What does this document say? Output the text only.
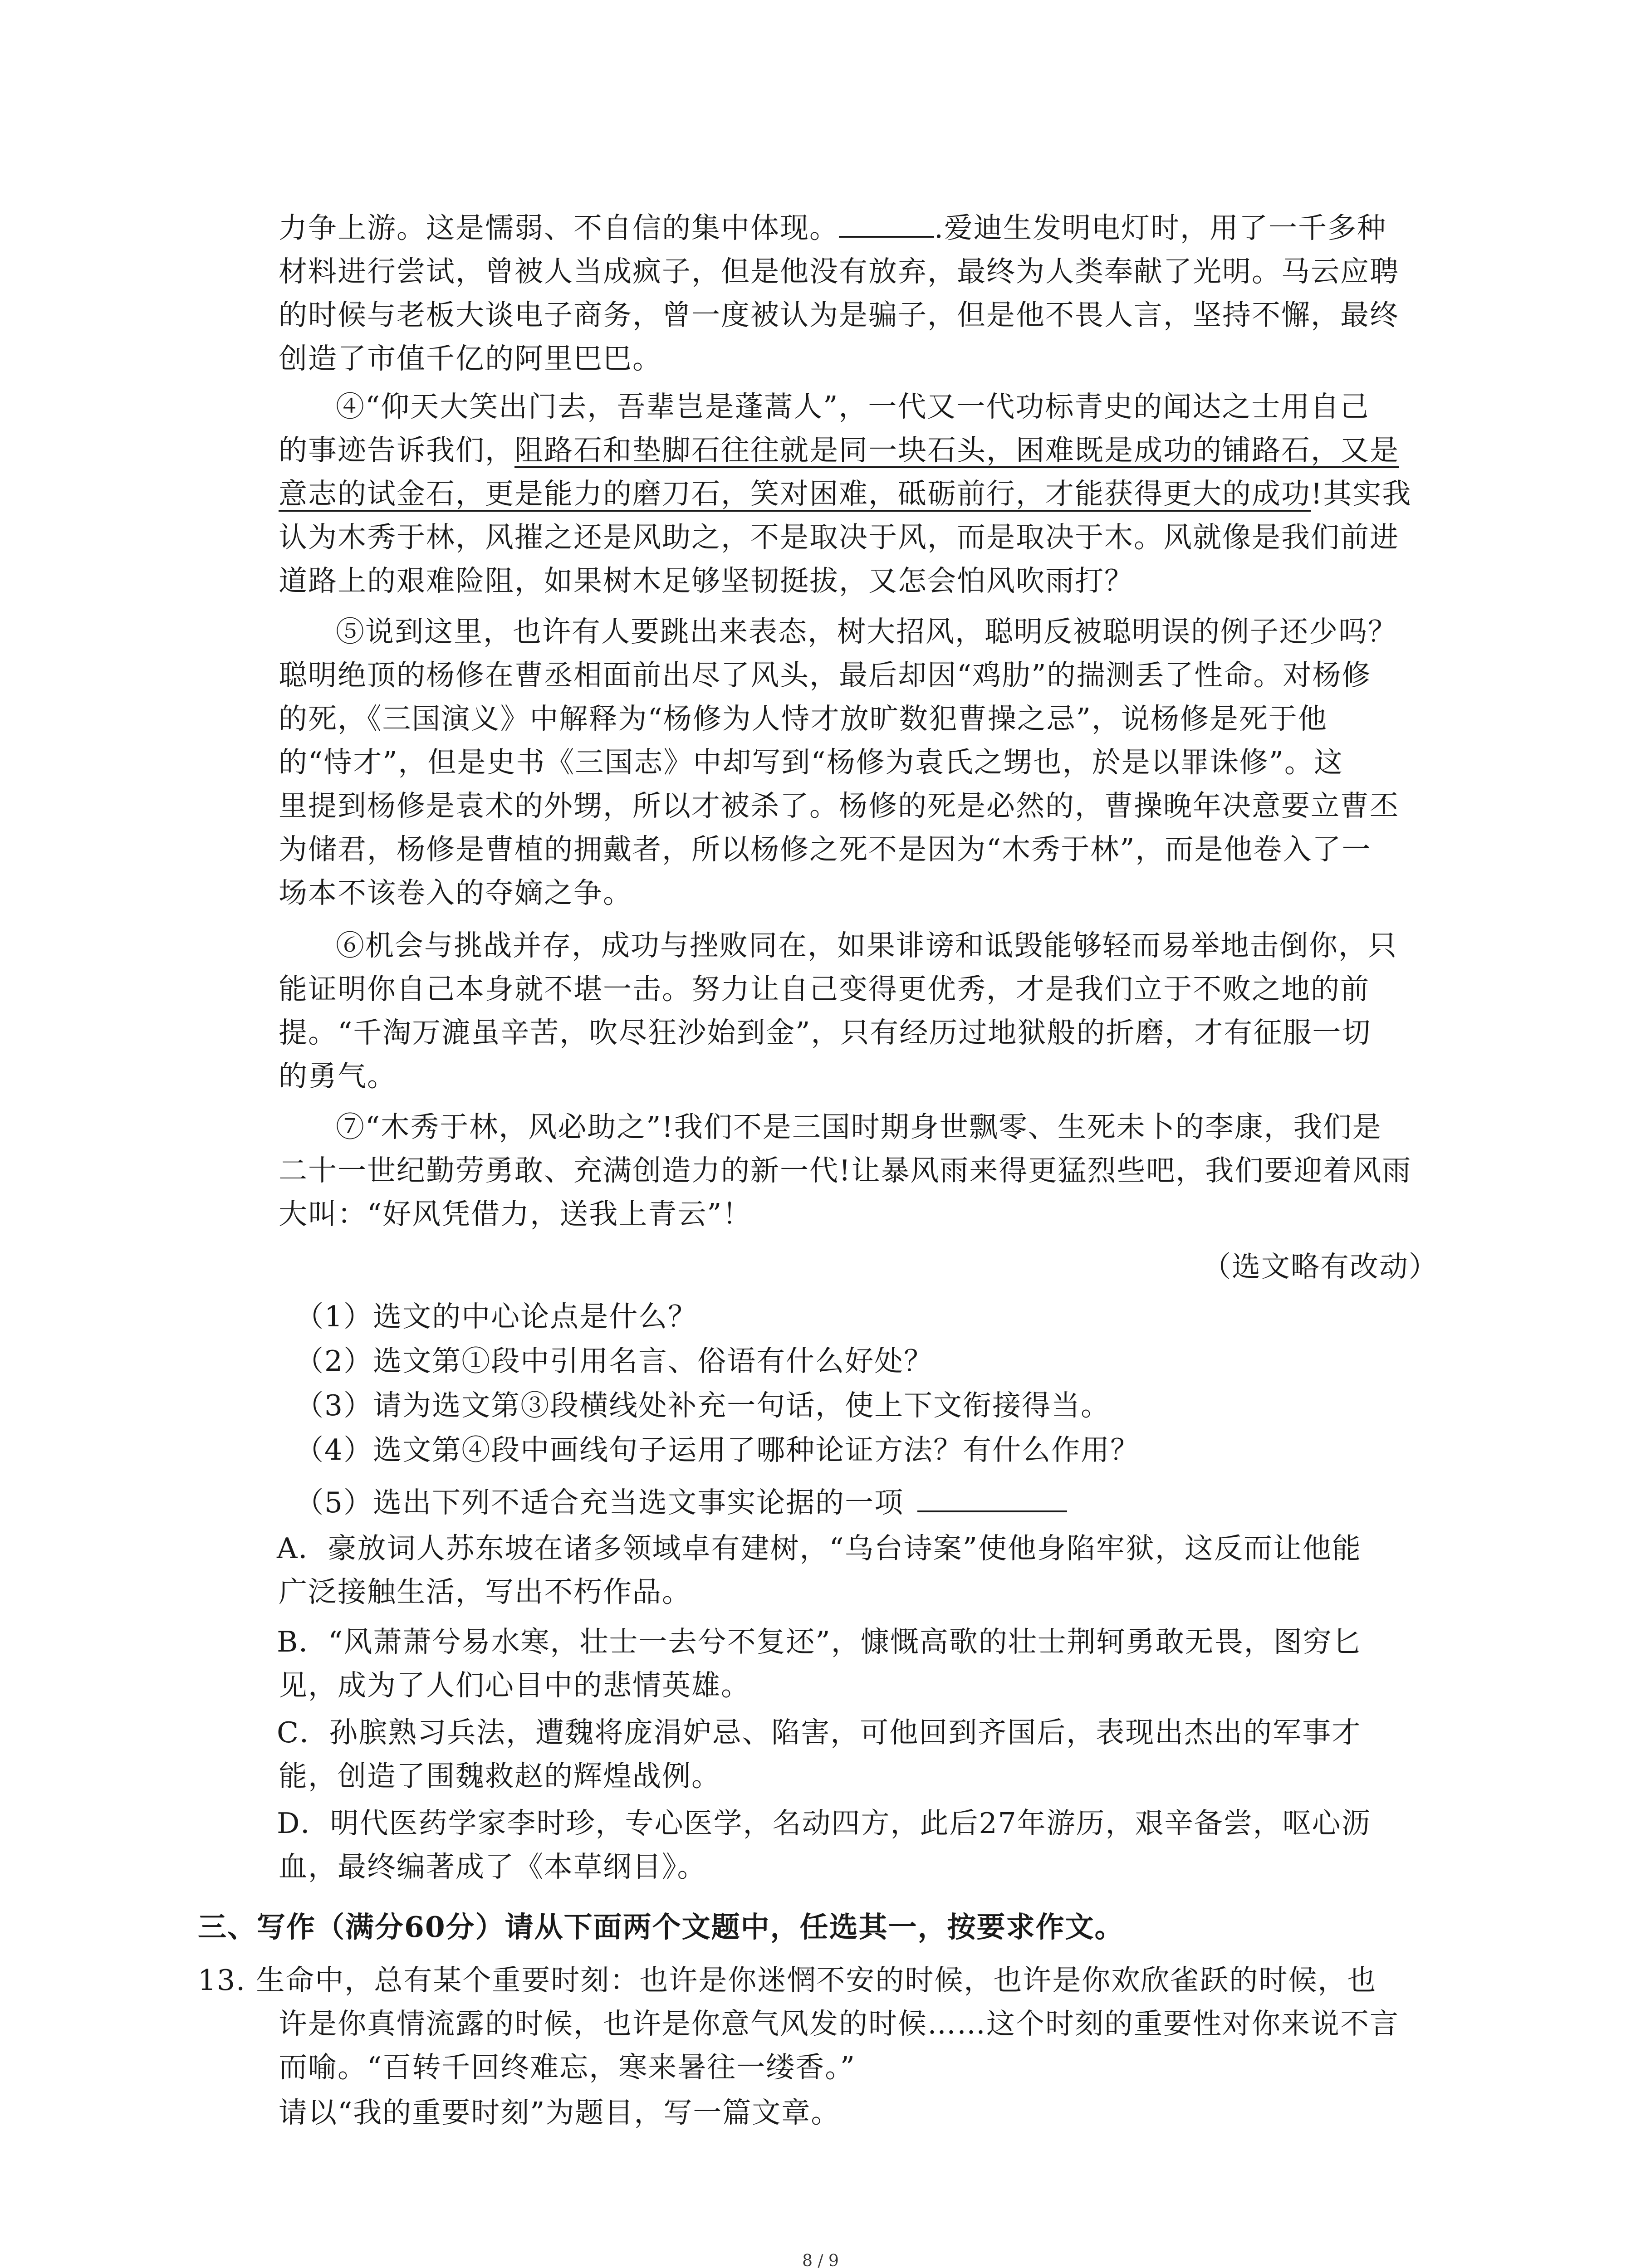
力争上游。这是懦弱、不自信的集中体现。	.爱迪生发明电灯时，用了一千多种
材料进行尝试，曾被人当成疯子，但是他没有放弃，最终为人类奉献了光明。马云应聘
的时候与老板大谈电子商务，曾一度被认为是骗子，但是他不畏人言，坚持不懈，最终
创造了市值千亿的阿里巴巴。
④“仰天大笑出门去，吾辈岂是蓬蒿人”，一代又一代功标青史的闻达之士用自己
的事迹告诉我们，阻路石和垫脚石往往就是同一块石头，困难既是成功的铺路石，又是
意志的试金石，更是能力的磨刀石，笑对困难，砥砺前行，才能获得更大的成功!其实我
认为木秀于林，风摧之还是风助之，不是取决于风，而是取决于木。风就像是我们前进
道路上的艰难险阻，如果树木足够坚韧挺拔，又怎会怕风吹雨打？
⑤说到这里，也许有人要跳出来表态，树大招风，聪明反被聪明误的例子还少吗？
聪明绝顶的杨修在曹丞相面前出尽了风头，最后却因“鸡肋”的揣测丢了性命。对杨修
的死，《三国演义》中解释为“杨修为人恃才放旷数犯曹操之忌”，说杨修是死于他
的“恃才”，但是史书《三国志》中却写到“杨修为袁氏之甥也，於是以罪诛修”。这
里提到杨修是袁术的外甥，所以才被杀了。杨修的死是必然的，曹操晚年决意要立曹丕
为储君，杨修是曹植的拥戴者，所以杨修之死不是因为“木秀于林”，而是他卷入了一
场本不该卷入的夺嫡之争。
⑥机会与挑战并存，成功与挫败同在，如果诽谤和诋毁能够轻而易举地击倒你，只
能证明你自己本身就不堪一击。努力让自己变得更优秀，才是我们立于不败之地的前
提。“千淘万漉虽辛苦，吹尽狂沙始到金”，只有经历过地狱般的折磨，才有征服一切
的勇气。
⑦“木秀于林，风必助之”!我们不是三国时期身世飘零、生死未卜的李康，我们是
二十一世纪勤劳勇敢、充满创造力的新一代!让暴风雨来得更猛烈些吧，我们要迎着风雨
大叫：“好风凭借力，送我上青云”！
（选文略有改动）
（1）选文的中心论点是什么？
（2）选文第①段中引用名言、俗语有什么好处？
（3）请为选文第③段横线处补充一句话，使上下文衔接得当。
（4）选文第④段中画线句子运用了哪种论证方法？有什么作用？
（5）选出下列不适合充当选文事实论据的一项
A．豪放词人苏东坡在诸多领域卓有建树，“乌台诗案”使他身陷牢狱，这反而让他能
广泛接触生活，写出不朽作品。
B．“风萧萧兮易水寒，壮士一去兮不复还”，慷慨高歌的壮士荆轲勇敢无畏，图穷匕
见，成为了人们心目中的悲情英雄。
C．孙膑熟习兵法，遭魏将庞涓妒忌、陷害，可他回到齐国后，表现出杰出的军事才
能，创造了围魏救赵的辉煌战例。
D．明代医药学家李时珍，专心医学，名动四方，此后27年游历，艰辛备尝，呕心沥
血，最终编著成了《本草纲目》。
三、写作（满分60分）请从下面两个文题中，任选其一，按要求作文。
13. 生命中，总有某个重要时刻：也许是你迷惘不安的时候，也许是你欢欣雀跃的时候，也
许是你真情流露的时候，也许是你意气风发的时候……这个时刻的重要性对你来说不言
而喻。“百转千回终难忘，寒来暑往一缕香。”
请以“我的重要时刻”为题目，写一篇文章。
8 / 9
